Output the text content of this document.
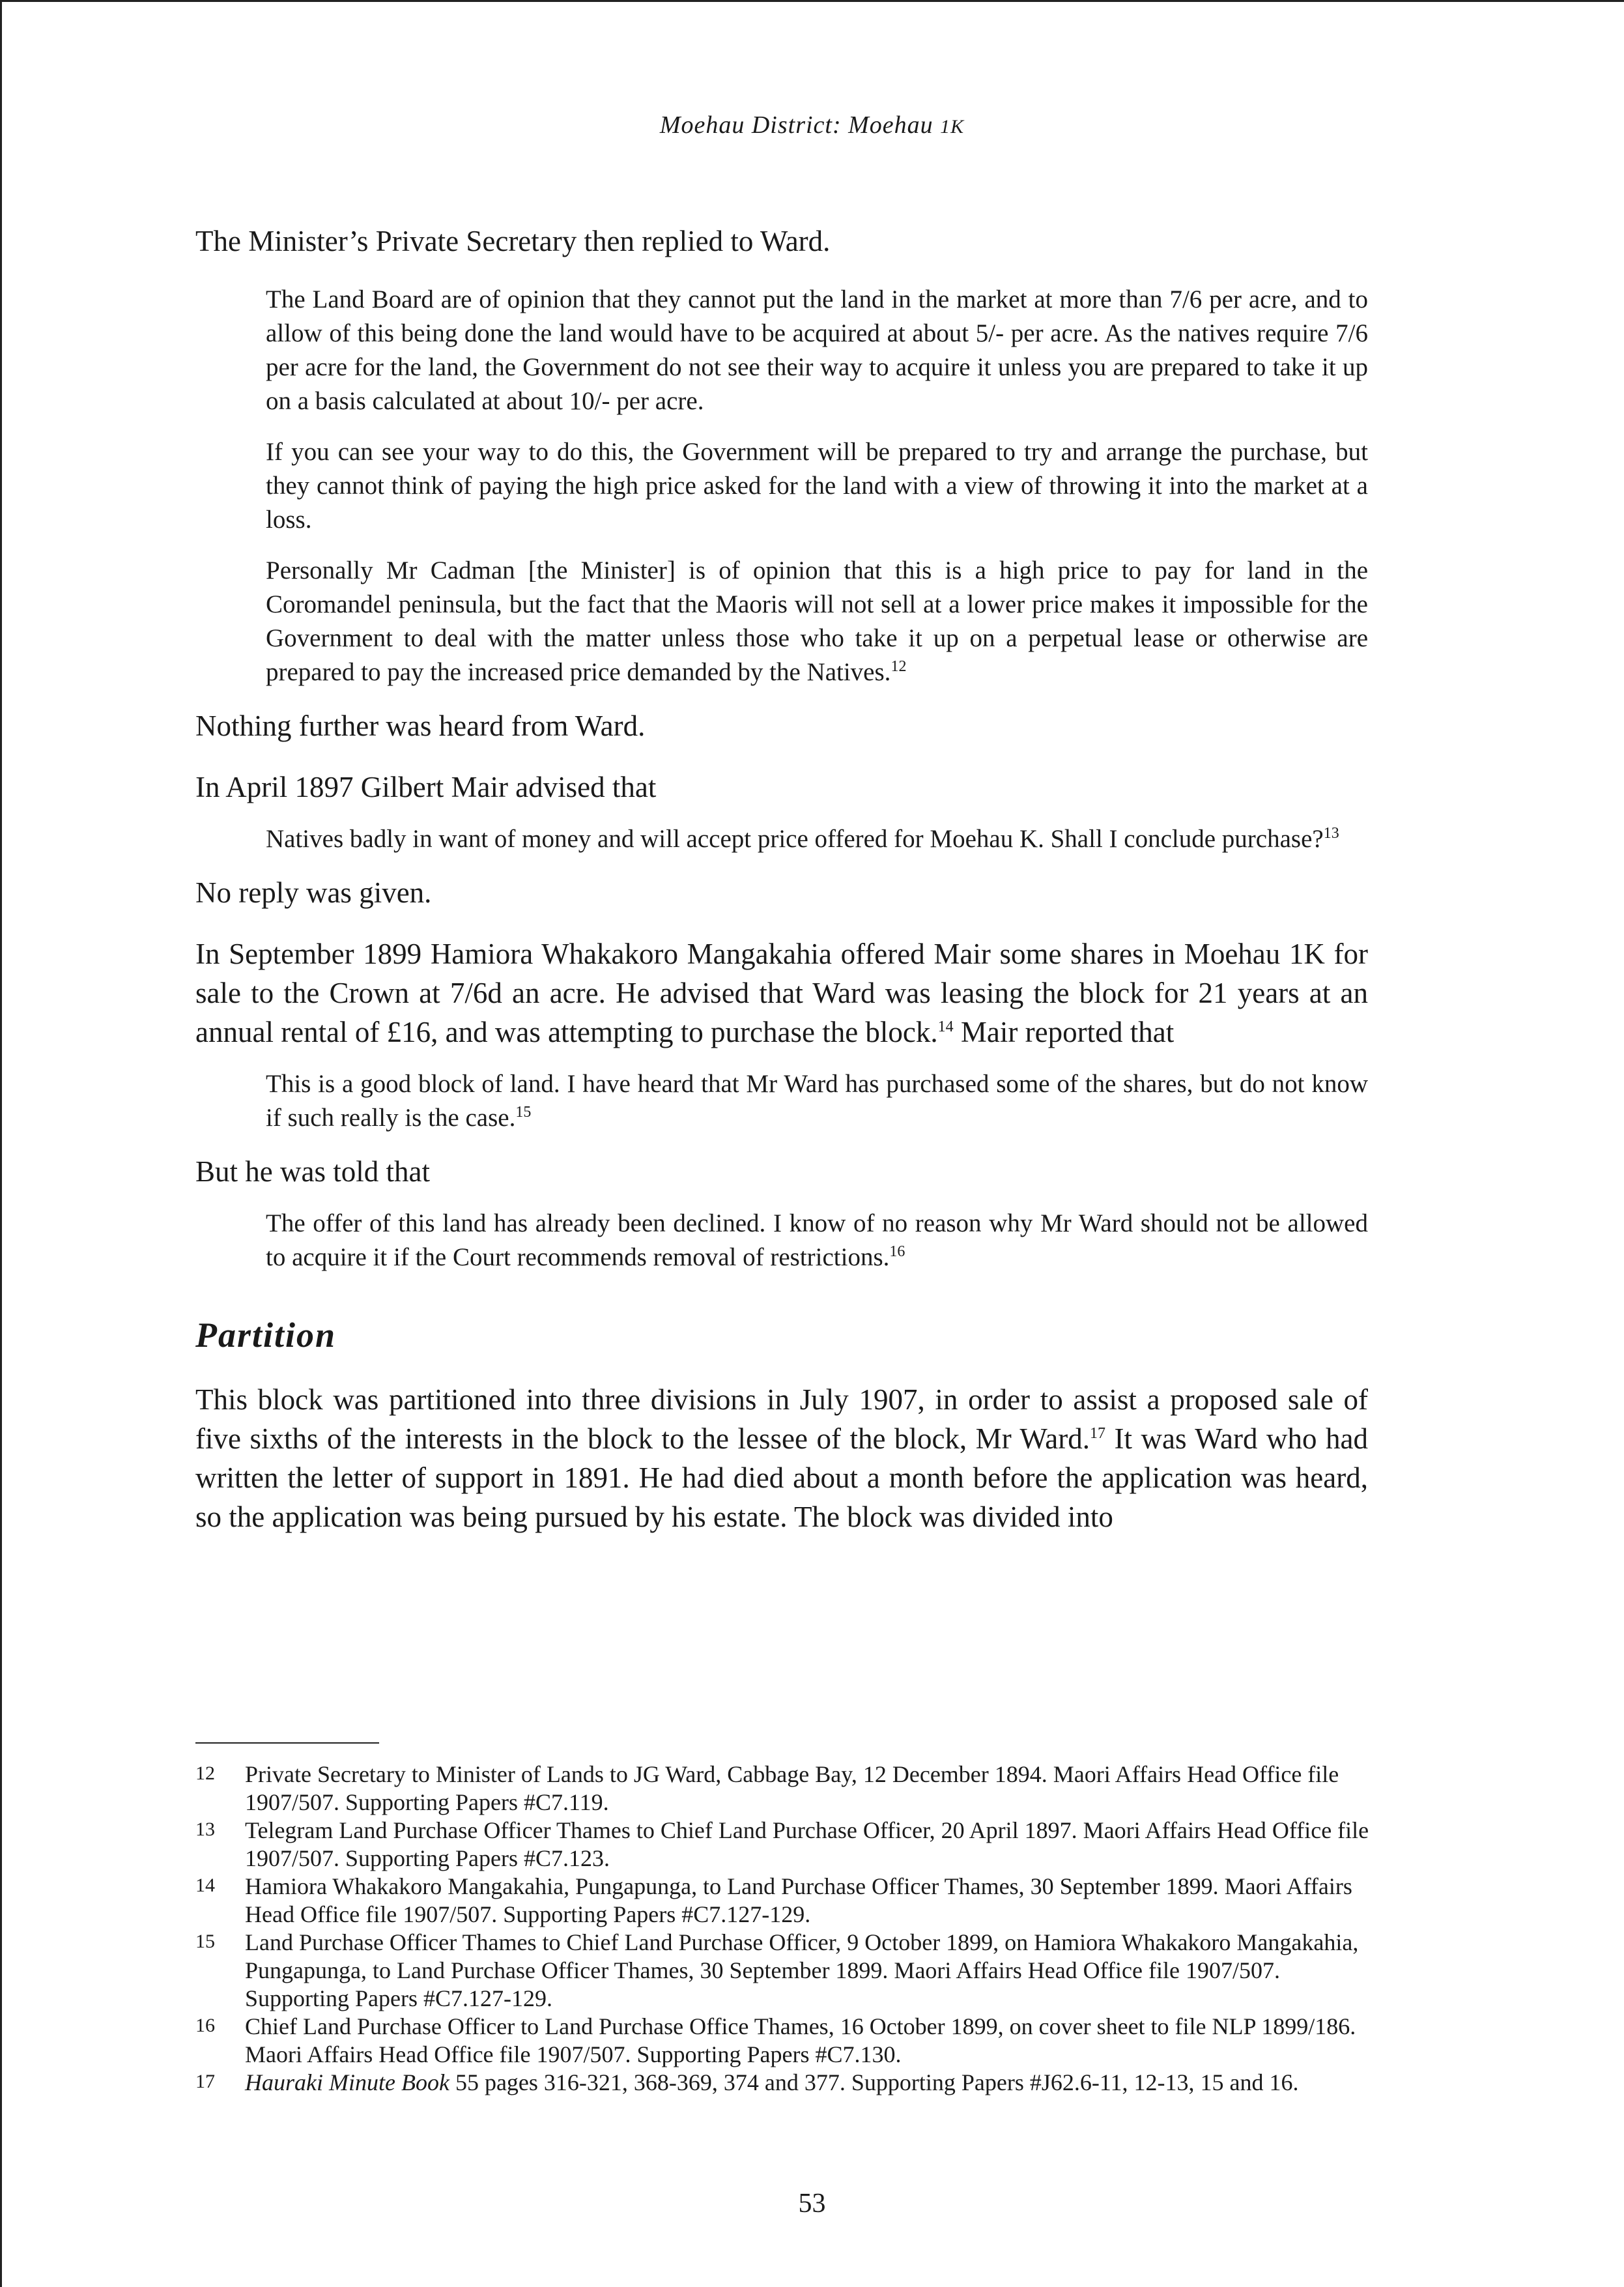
Moehau District: Moehau 1K

The Minister’s Private Secretary then replied to Ward.

The Land Board are of opinion that they cannot put the land in the market at more than 7/6 per acre, and to allow of this being done the land would have to be acquired at about 5/- per acre. As the natives require 7/6 per acre for the land, the Government do not see their way to acquire it unless you are prepared to take it up on a basis calculated at about 10/- per acre.
If you can see your way to do this, the Government will be prepared to try and arrange the purchase, but they cannot think of paying the high price asked for the land with a view of throwing it into the market at a loss.
Personally Mr Cadman [the Minister] is of opinion that this is a high price to pay for land in the Coromandel peninsula, but the fact that the Maoris will not sell at a lower price makes it impossible for the Government to deal with the matter unless those who take it up on a perpetual lease or otherwise are prepared to pay the increased price demanded by the Natives.$^{12}$

Nothing further was heard from Ward.

In April 1897 Gilbert Mair advised that

Natives badly in want of money and will accept price offered for Moehau K. Shall I conclude purchase?$^{13}$

No reply was given.

In September 1899 Hamiora Whakakoro Mangakahia offered Mair some shares in Moehau 1K for sale to the Crown at 7/6d an acre. He advised that Ward was leasing the block for 21 years at an annual rental of £16, and was attempting to purchase the block.$^{14}$ Mair reported that

This is a good block of land. I have heard that Mr Ward has purchased some of the shares, but do not know if such really is the case.$^{15}$

But he was told that

The offer of this land has already been declined. I know of no reason why Mr Ward should not be allowed to acquire it if the Court recommends removal of restrictions.$^{16}$
Partition

This block was partitioned into three divisions in July 1907, in order to assist a proposed sale of five sixths of the interests in the block to the lessee of the block, Mr Ward.$^{17}$ It was Ward who had written the letter of support in 1891. He had died about a month before the application was heard, so the application was being pursued by his estate. The block was divided into

12	Private Secretary to Minister of Lands to JG Ward, Cabbage Bay, 12 December 1894. Maori Affairs Head Office file 1907/507. Supporting Papers #C7.119.
13	Telegram Land Purchase Officer Thames to Chief Land Purchase Officer, 20 April 1897. Maori Affairs Head Office file 1907/507. Supporting Papers #C7.123.
14	Hamiora Whakakoro Mangakahia, Pungapunga, to Land Purchase Officer Thames, 30 September 1899. Maori Affairs Head Office file 1907/507. Supporting Papers #C7.127-129.
15	Land Purchase Officer Thames to Chief Land Purchase Officer, 9 October 1899, on Hamiora Whakakoro Mangakahia, Pungapunga, to Land Purchase Officer Thames, 30 September 1899. Maori Affairs Head Office file 1907/507. Supporting Papers #C7.127-129.
16	Chief Land Purchase Officer to Land Purchase Office Thames, 16 October 1899, on cover sheet to file NLP 1899/186. Maori Affairs Head Office file 1907/507. Supporting Papers #C7.130.
17	Hauraki Minute Book 55 pages 316-321, 368-369, 374 and 377. Supporting Papers #J62.6-11, 12-13, 15 and 16.
53
